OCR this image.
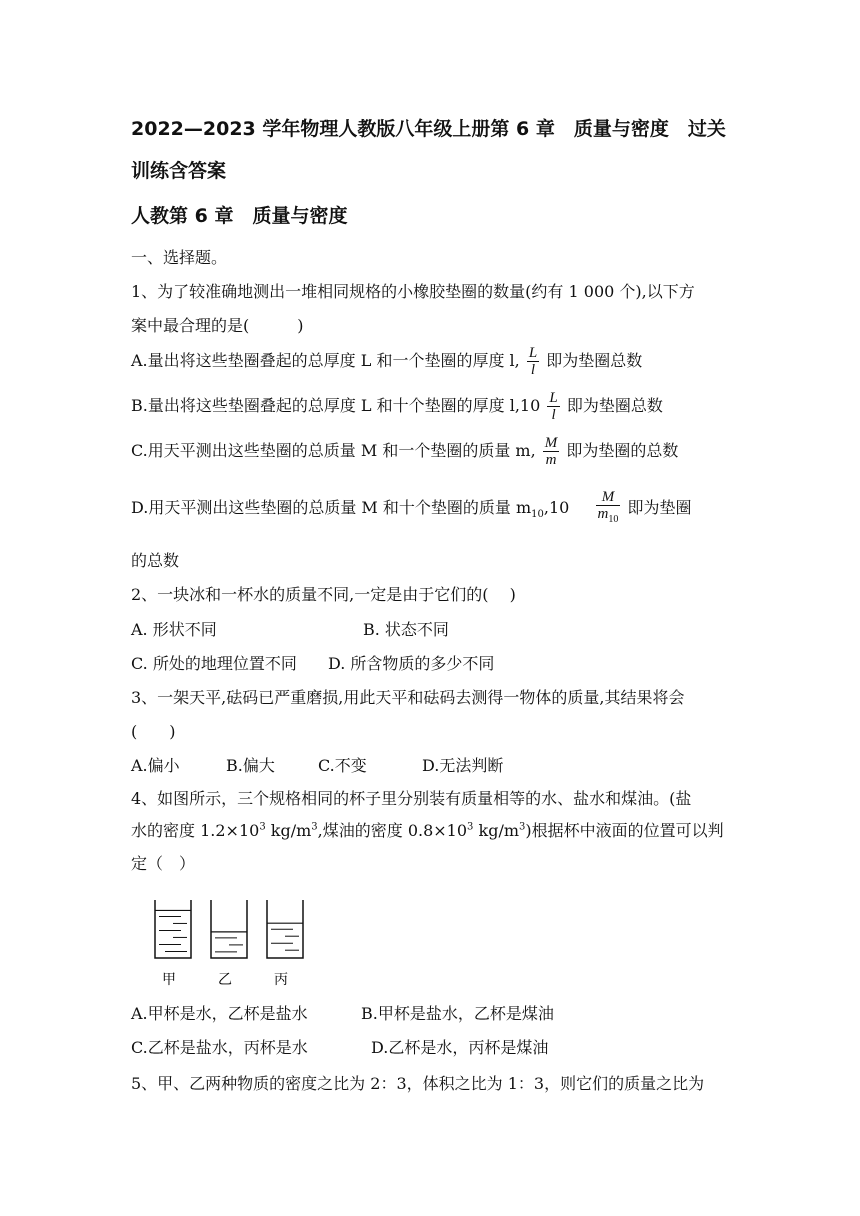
2022—2023 学年物理人教版八年级上册第 6 章　质量与密度　过关
训练含答案
人教第 6 章　质量与密度
一、选择题。
1、为了较准确地测出一堆相同规格的小橡胶垫圈的数量(约有 1 000 个),以下方
案中最合理的是(　　　)
A.量出将这些垫圈叠起的总厚度 L 和一个垫圈的厚度 l, $\frac{L}{l}$ 即为垫圈总数
B.量出将这些垫圈叠起的总厚度 L 和十个垫圈的厚度 $l,10 \frac{L}{l}$ 即为垫圈总数
C.用天平测出这些垫圈的总质量 M 和一个垫圈的质量 m, $\frac{M}{m}$ 即为垫圈的总数
D.用天平测出这些垫圈的总质量 M 和十个垫圈的质量 $m_{10},10 \frac{M}{m_{10}}$ 即为垫圈
的总数
2、一块冰和一杯水的质量不同,一定是由于它们的(　 )
A. 形状不同	B. 状态不同
C. 所处的地理位置不同 D. 所含物质的多少不同
3、一架天平,砝码已严重磨损,用此天平和砝码去测得一物体的质量,其结果将会
(　　)
A.偏小	B.偏大	C.不变	D.无法判断
4、如图所示，三个规格相同的杯子里分别装有质量相等的水、盐水和煤油。(盐
水的密度 $1.2\times 10^3$ $kg/m^3$,煤油的密度 $0.8\times 10^3$ $kg/m^3$)根据杯中液面的位置可以判
定（　）
甲	乙	丙
A.甲杯是水，乙杯是盐水	B.甲杯是盐水，乙杯是煤油
C.乙杯是盐水，丙杯是水	D.乙杯是水，丙杯是煤油
5、甲、乙两种物质的密度之比为 2：3，体积之比为 1：3，则它们的质量之比为
